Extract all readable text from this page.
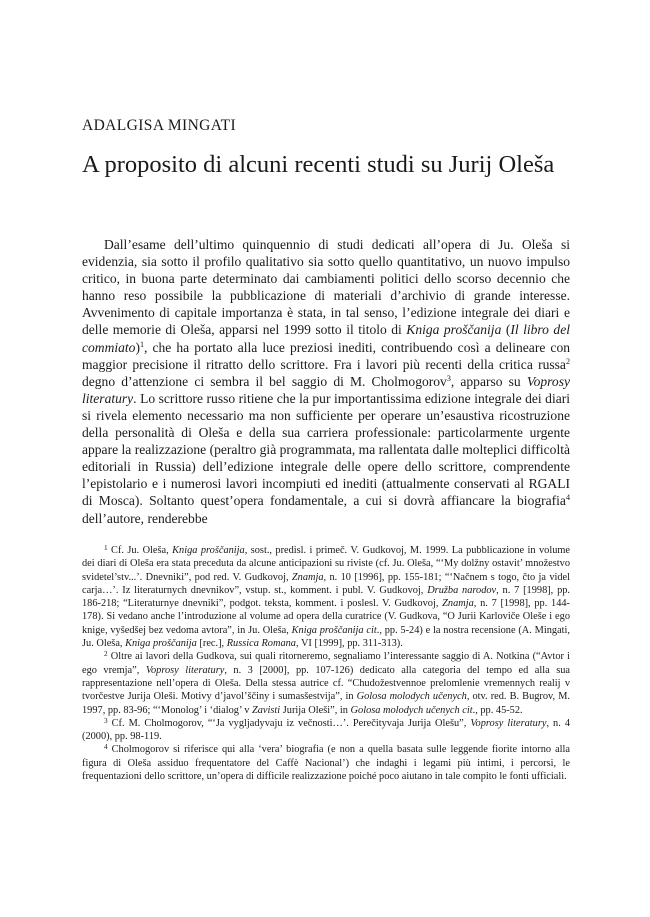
ADALGISA MINGATI
A proposito di alcuni recenti studi su Jurij Oleša

Dall’esame dell’ultimo quinquennio di studi dedicati all’opera di Ju. Oleša si evidenzia, sia sotto il profilo qualitativo sia sotto quello quantitativo, un nuovo impulso critico, in buona parte determinato dai cambiamenti politici dello scorso decennio che hanno reso possibile la pubblicazione di materiali d’archivio di grande interesse. Avvenimento di capitale importanza è stata, in tal senso, l’edizione integrale dei diari e delle memorie di Oleša, apparsi nel 1999 sotto il titolo di Kniga proščanija (Il libro del commiato)$^1$, che ha portato alla luce preziosi inediti, contribuendo così a delineare con maggior precisione il ritratto dello scrittore. Fra i lavori più recenti della critica russa$^2$ degno d’attenzione ci sembra il bel saggio di M. Cholmogorov$^3$, apparso su Voprosy literatury. Lo scrittore russo ritiene che la pur importantissima edizione integrale dei diari si rivela elemento necessario ma non sufficiente per operare un’esaustiva ricostruzione della personalità di Oleša e della sua carriera professionale: particolarmente urgente appare la realizzazione (peraltro già programmata, ma rallentata dalle molteplici difficoltà editoriali in Russia) dell’edizione integrale delle opere dello scrittore, comprendente l’epistolario e i numerosi lavori incompiuti ed inediti (attualmente conservati al RGALI di Mosca). Soltanto quest’opera fondamentale, a cui si dovrà affiancare la biografia$^4$ dell’autore, renderebbe

$^1$ Cf. Ju. Oleša, Kniga proščanija, sost., predisl. i primeč. V. Gudkovoj, M. 1999. La pubblicazione in volume dei diari di Oleša era stata preceduta da alcune anticipazioni su riviste (cf. Ju. Oleša, “‘My dolžny ostavit’ množestvo svidetel’stv...’. Dnevniki”, pod red. V. Gudkovoj, Znamja, n. 10 [1996], pp. 155-181; “‘Načnem s togo, čto ja videl carja…’. Iz literaturnych dnevnikov”, vstup. st., komment. i publ. V. Gudkovoj, Družba narodov, n. 7 [1998], pp. 186-218; “Literaturnye dnevniki”, podgot. teksta, komment. i poslesl. V. Gudkovoj, Znamja, n. 7 [1998], pp. 144-178). Si vedano anche l’introduzione al volume ad opera della curatrice (V. Gudkova, “O Jurii Karloviče Oleše i ego knige, vyšedšej bez vedoma avtora”, in Ju. Oleša, Kniga proščanija cit., pp. 5-24) e la nostra recensione (A. Mingati, Ju. Oleša, Kniga proščanija [rec.], Russica Romana, VI [1999], pp. 311-313).

$^2$ Oltre ai lavori della Gudkova, sui quali ritorneremo, segnaliamo l’interessante saggio di A. Notkina (“Avtor i ego vremja”, Voprosy literatury, n. 3 [2000], pp. 107-126) dedicato alla categoria del tempo ed alla sua rappresentazione nell’opera di Oleša. Della stessa autrice cf. “Chudožestvennoe prelomlenie vremennych realij v tvorčestve Jurija Oleši. Motivy d’javol’ščiny i sumasšestvija”, in Golosa molodych učenych, otv. red. B. Bugrov, M. 1997, pp. 83-96; “‘Monolog’ i ‘dialog’ v Zavisti Jurija Oleši”, in Golosa molodych učenych cit., pp. 45-52.

$^3$ Cf. M. Cholmogorov, “‘Ja vygljadyvaju iz večnosti…’. Perečityvaja Jurija Olešu”, Voprosy literatury, n. 4 (2000), pp. 98-119.

$^4$ Cholmogorov si riferisce qui alla ‘vera’ biografia (e non a quella basata sulle leggende fiorite intorno alla figura di Oleša assiduo frequentatore del Caffè Nacional’) che indaghi i legami più intimi, i percorsi, le frequentazioni dello scrittore, un’opera di difficile realizzazione poiché poco aiutano in tale compito le fonti ufficiali.
